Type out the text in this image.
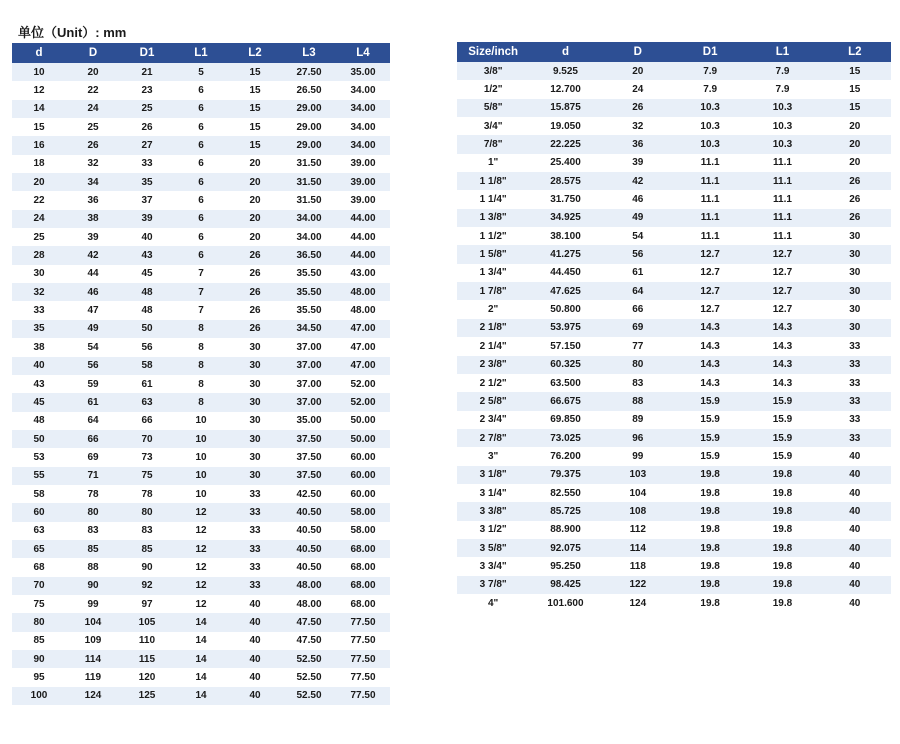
单位（Unit）: mm
d	D	D1	L1	L2	L3	L4
10	20	21	5	15	27.50	35.00
12	22	23	6	15	26.50	34.00
14	24	25	6	15	29.00	34.00
15	25	26	6	15	29.00	34.00
16	26	27	6	15	29.00	34.00
18	32	33	6	20	31.50	39.00
20	34	35	6	20	31.50	39.00
22	36	37	6	20	31.50	39.00
24	38	39	6	20	34.00	44.00
25	39	40	6	20	34.00	44.00
28	42	43	6	26	36.50	44.00
30	44	45	7	26	35.50	43.00
32	46	48	7	26	35.50	48.00
33	47	48	7	26	35.50	48.00
35	49	50	8	26	34.50	47.00
38	54	56	8	30	37.00	47.00
40	56	58	8	30	37.00	47.00
43	59	61	8	30	37.00	52.00
45	61	63	8	30	37.00	52.00
48	64	66	10	30	35.00	50.00
50	66	70	10	30	37.50	50.00
53	69	73	10	30	37.50	60.00
55	71	75	10	30	37.50	60.00
58	78	78	10	33	42.50	60.00
60	80	80	12	33	40.50	58.00
63	83	83	12	33	40.50	58.00
65	85	85	12	33	40.50	68.00
68	88	90	12	33	40.50	68.00
70	90	92	12	33	48.00	68.00
75	99	97	12	40	48.00	68.00
80	104	105	14	40	47.50	77.50
85	109	110	14	40	47.50	77.50
90	114	115	14	40	52.50	77.50
95	119	120	14	40	52.50	77.50
100	124	125	14	40	52.50	77.50
Size/inch	d	D	D1	L1	L2
3/8"	9.525	20	7.9	7.9	15
1/2"	12.700	24	7.9	7.9	15
5/8"	15.875	26	10.3	10.3	15
3/4"	19.050	32	10.3	10.3	20
7/8"	22.225	36	10.3	10.3	20
1"	25.400	39	11.1	11.1	20
1 1/8"	28.575	42	11.1	11.1	26
1 1/4"	31.750	46	11.1	11.1	26
1 3/8"	34.925	49	11.1	11.1	26
1 1/2"	38.100	54	11.1	11.1	30
1 5/8"	41.275	56	12.7	12.7	30
1 3/4"	44.450	61	12.7	12.7	30
1 7/8"	47.625	64	12.7	12.7	30
2"	50.800	66	12.7	12.7	30
2 1/8"	53.975	69	14.3	14.3	30
2 1/4"	57.150	77	14.3	14.3	33
2 3/8"	60.325	80	14.3	14.3	33
2 1/2"	63.500	83	14.3	14.3	33
2 5/8"	66.675	88	15.9	15.9	33
2 3/4"	69.850	89	15.9	15.9	33
2 7/8"	73.025	96	15.9	15.9	33
3"	76.200	99	15.9	15.9	40
3 1/8"	79.375	103	19.8	19.8	40
3 1/4"	82.550	104	19.8	19.8	40
3 3/8"	85.725	108	19.8	19.8	40
3 1/2"	88.900	112	19.8	19.8	40
3 5/8"	92.075	114	19.8	19.8	40
3 3/4"	95.250	118	19.8	19.8	40
3 7/8"	98.425	122	19.8	19.8	40
4"	101.600	124	19.8	19.8	40
